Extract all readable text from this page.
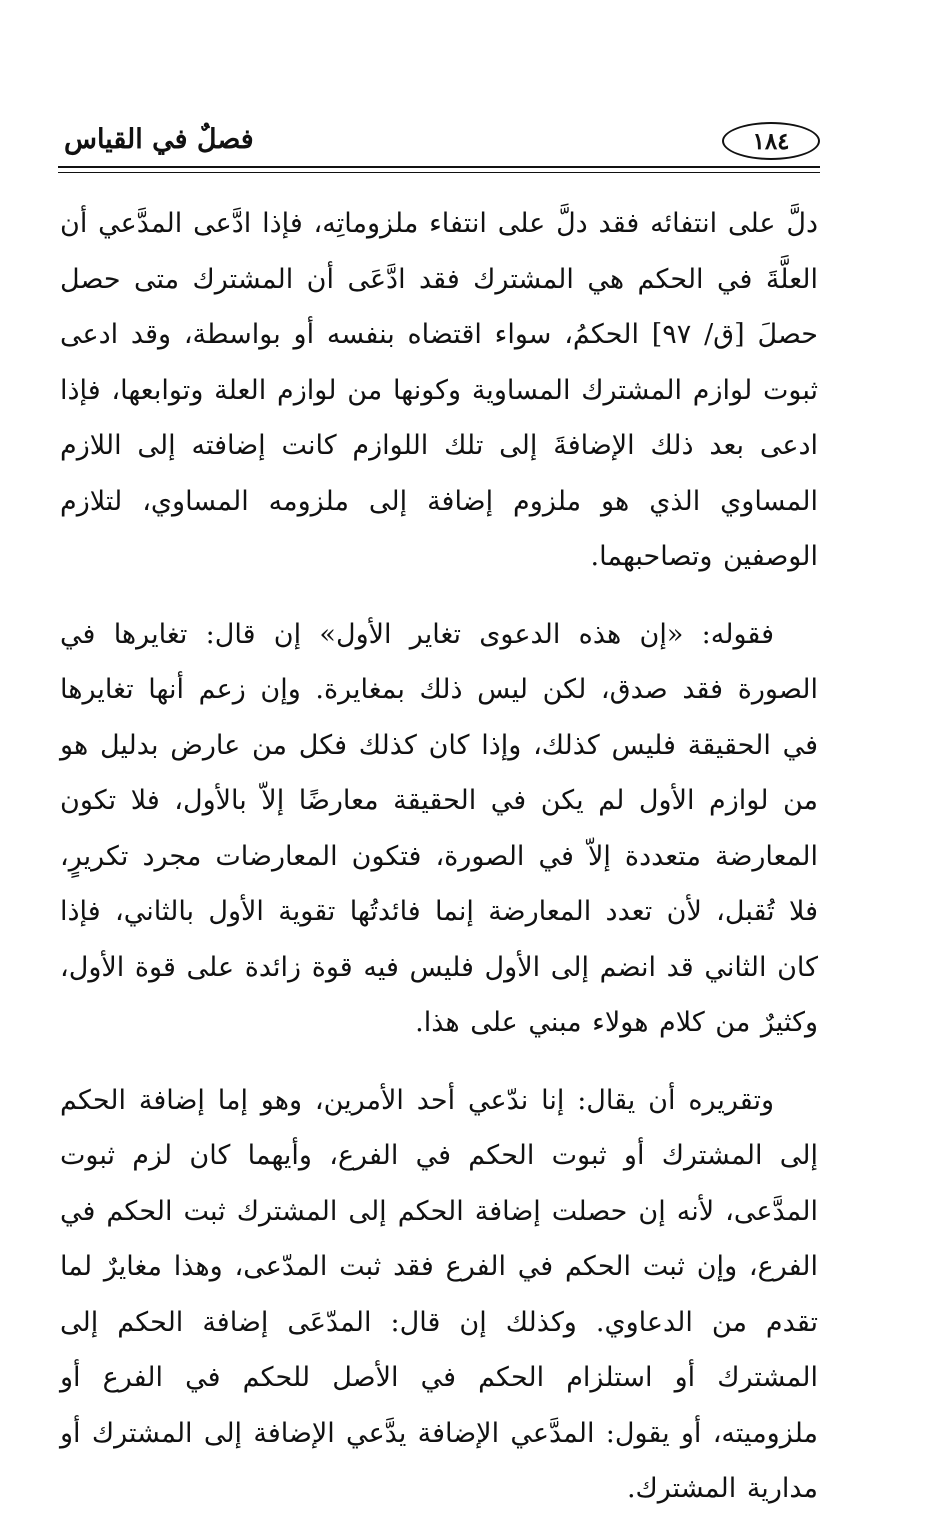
١٨٤
فصلٌ في القياس

دلَّ على انتفائه فقد دلَّ على انتفاء ملزوماتِه، فإذا ادَّعى المدَّعي أن العلَّةَ في الحكم هي المشترك فقد ادَّعَى أن المشترك متى حصل حصلَ [ق/ ٩٧] الحكمُ، سواء اقتضاه بنفسه أو بواسطة، وقد ادعى ثبوت لوازم المشترك المساوية وكونها من لوازم العلة وتوابعها، فإذا ادعى بعد ذلك الإضافةَ إلى تلك اللوازم كانت إضافته إلى اللازم المساوي الذي هو ملزوم إضافة إلى ملزومه المساوي، لتلازم الوصفين وتصاحبهما.

فقوله: «إن هذه الدعوى تغاير الأول» إن قال: تغايرها في الصورة فقد صدق، لكن ليس ذلك بمغايرة. وإن زعم أنها تغايرها في الحقيقة فليس كذلك، وإذا كان كذلك فكل من عارض بدليل هو من لوازم الأول لم يكن في الحقيقة معارضًا إلاّ بالأول، فلا تكون المعارضة متعددة إلاّ في الصورة، فتكون المعارضات مجرد تكريرٍ، فلا تُقبل، لأن تعدد المعارضة إنما فائدتُها تقوية الأول بالثاني، فإذا كان الثاني قد انضم إلى الأول فليس فيه قوة زائدة على قوة الأول، وكثيرٌ من كلام هولاء مبني على هذا.

وتقريره أن يقال: إنا ندّعي أحد الأمرين، وهو إما إضافة الحكم إلى المشترك أو ثبوت الحكم في الفرع، وأيهما كان لزم ثبوت المدَّعى، لأنه إن حصلت إضافة الحكم إلى المشترك ثبت الحكم في الفرع، وإن ثبت الحكم في الفرع فقد ثبت المدّعى، وهذا مغايرٌ لما تقدم من الدعاوي. وكذلك إن قال: المدّعَى إضافة الحكم إلى المشترك أو استلزام الحكم في الأصل للحكم في الفرع أو ملزوميته، أو يقول: المدَّعي الإضافة يدَّعي الإضافة إلى المشترك أو مدارية المشترك.
